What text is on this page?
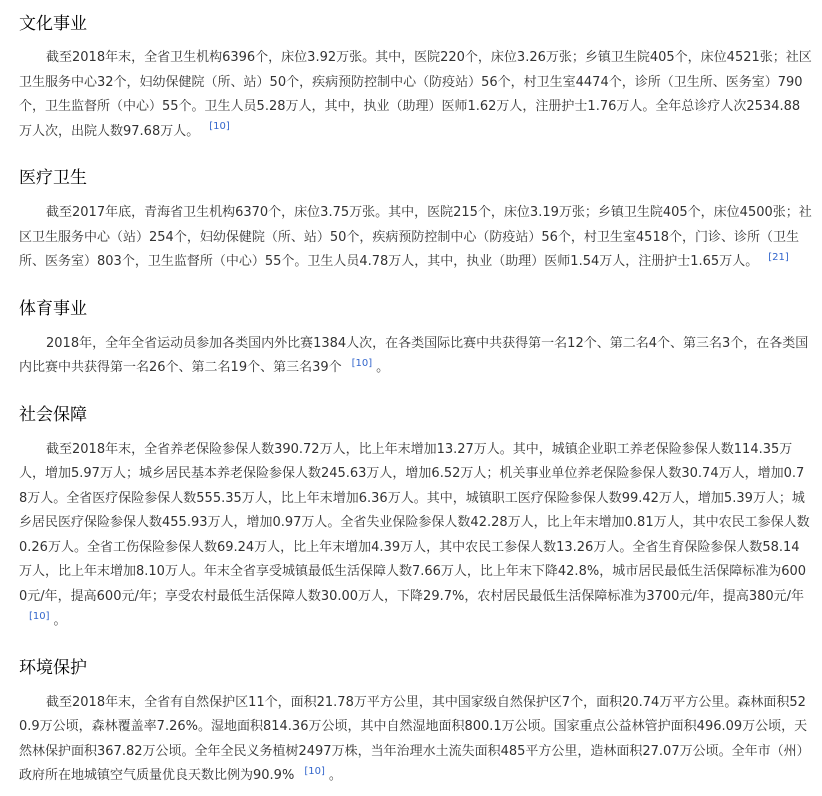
文化事业

截至2018年末，全省卫生机构6396个，床位3.92万张。其中，医院220个，床位3.26万张；乡镇卫生院405个，床位4521张；社区卫生服务中心32个，妇幼保健院（所、站）50个，疾病预防控制中心（防疫站）56个，村卫生室4474个，诊所（卫生所、医务室）790个，卫生监督所（中心）55个。卫生人员5.28万人，其中，执业（助理）医师1.62万人，注册护士1.76万人。全年总诊疗人次2534.88万人次，出院人数97.68万人。 [10]

医疗卫生

截至2017年底，青海省卫生机构6370个，床位3.75万张。其中，医院215个，床位3.19万张；乡镇卫生院405个，床位4500张；社区卫生服务中心（站）254个，妇幼保健院（所、站）50个，疾病预防控制中心（防疫站）56个，村卫生室4518个，门诊、诊所（卫生所、医务室）803个，卫生监督所（中心）55个。卫生人员4.78万人，其中，执业（助理）医师1.54万人，注册护士1.65万人。 [21]

体育事业

2018年，全年全省运动员参加各类国内外比赛1384人次，在各类国际比赛中共获得第一名12个、第二名4个、第三名3个，在各类国内比赛中共获得第一名26个、第二名19个、第三名39个 [10] 。

社会保障

截至2018年末，全省养老保险参保人数390.72万人，比上年末增加13.27万人。其中，城镇企业职工养老保险参保人数114.35万人，增加5.97万人；城乡居民基本养老保险参保人数245.63万人，增加6.52万人；机关事业单位养老保险参保人数30.74万人，增加0.78万人。全省医疗保险参保人数555.35万人，比上年末增加6.36万人。其中，城镇职工医疗保险参保人数99.42万人，增加5.39万人；城乡居民医疗保险参保人数455.93万人，增加0.97万人。全省失业保险参保人数42.28万人，比上年末增加0.81万人，其中农民工参保人数0.26万人。全省工伤保险参保人数69.24万人，比上年末增加4.39万人，其中农民工参保人数13.26万人。全省生育保险参保人数58.14万人，比上年末增加8.10万人。年末全省享受城镇最低生活保障人数7.66万人，比上年末下降42.8%，城市居民最低生活保障标准为6000元/年，提高600元/年；享受农村最低生活保障人数30.00万人，下降29.7%，农村居民最低生活保障标准为3700元/年，提高380元/年[10] 。

环境保护

截至2018年末，全省有自然保护区11个，面积21.78万平方公里，其中国家级自然保护区7个，面积20.74万平方公里。森林面积520.9万公顷，森林覆盖率7.26%。湿地面积814.36万公顷，其中自然湿地面积800.1万公顷。国家重点公益林管护面积496.09万公顷，天然林保护面积367.82万公顷。全年全民义务植树2497万株，当年治理水土流失面积485平方公里，造林面积27.07万公顷。全年市（州）政府所在地城镇空气质量优良天数比例为90.9% [10] 。
